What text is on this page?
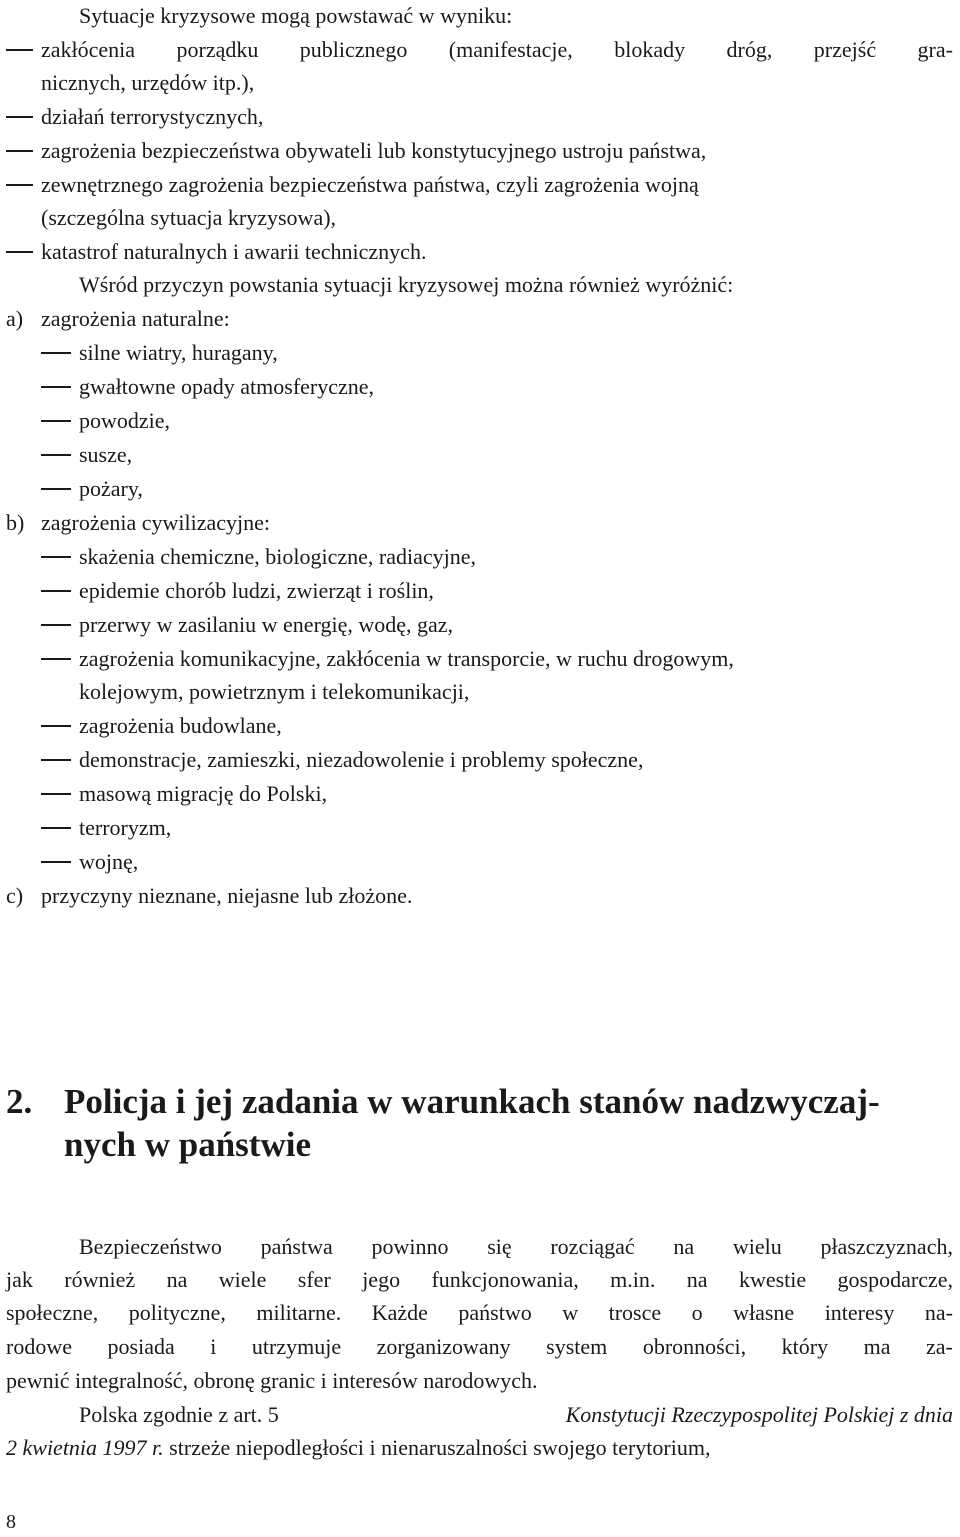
Sytuacje kryzysowe mogą powstawać w wyniku:
zakłócenia porządku publicznego (manifestacje, blokady dróg, przejść gra-
nicznych, urzędów itp.),
działań terrorystycznych,
zagrożenia bezpieczeństwa obywateli lub konstytucyjnego ustroju państwa,
zewnętrznego zagrożenia bezpieczeństwa państwa, czyli zagrożenia wojną
(szczególna sytuacja kryzysowa),
katastrof naturalnych i awarii technicznych.
Wśród przyczyn powstania sytuacji kryzysowej można również wyróżnić:
a) zagrożenia naturalne:
silne wiatry, huragany,
gwałtowne opady atmosferyczne,
powodzie,
susze,
pożary,
b) zagrożenia cywilizacyjne:
skażenia chemiczne, biologiczne, radiacyjne,
epidemie chorób ludzi, zwierząt i roślin,
przerwy w zasilaniu w energię, wodę, gaz,
zagrożenia komunikacyjne, zakłócenia w transporcie, w ruchu drogowym,
kolejowym, powietrznym i telekomunikacji,
zagrożenia budowlane,
demonstracje, zamieszki, niezadowolenie i problemy społeczne,
masową migrację do Polski,
terroryzm,
wojnę,
c) przyczyny nieznane, niejasne lub złożone.
2. Policja i jej zadania w warunkach stanów nadzwyczaj-
nych w państwie
Bezpieczeństwo państwa powinno się rozciągać na wielu płaszczyznach,
jak również na wiele sfer jego funkcjonowania, m.in. na kwestie gospodarcze,
społeczne, polityczne, militarne. Każde państwo w trosce o własne interesy na-
rodowe posiada i utrzymuje zorganizowany system obronności, który ma za-
pewnić integralność, obronę granic i interesów narodowych.
Polska zgodnie z art. 5	Konstytucji Rzeczypospolitej Polskiej z dnia
2 kwietnia 1997 r. strzeże niepodległości i nienaruszalności swojego terytorium,
8
